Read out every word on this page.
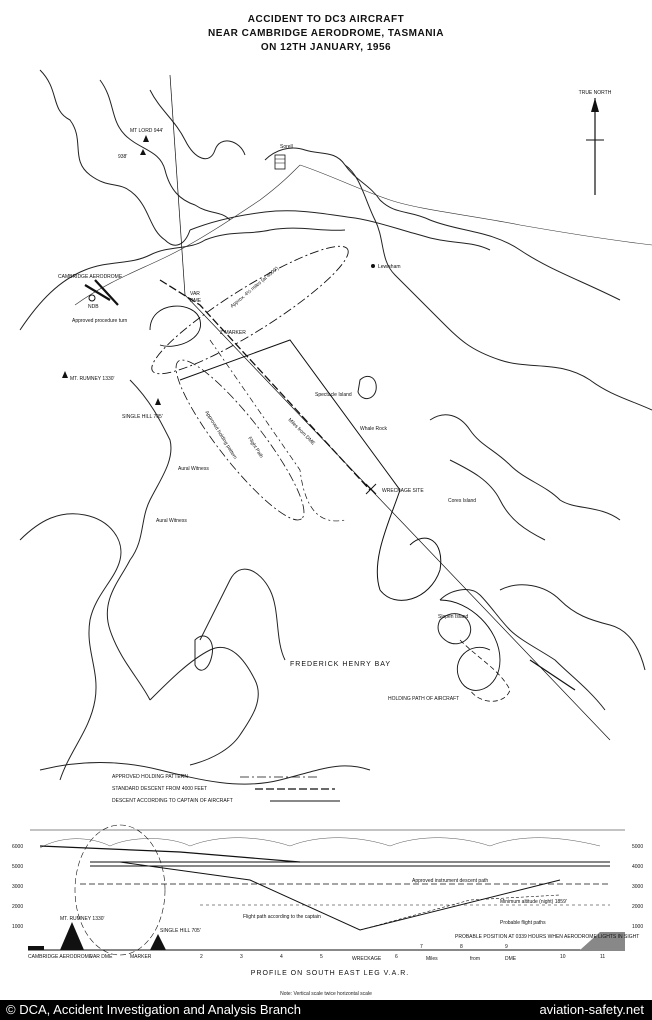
ACCIDENT TO DC3 AIRCRAFT
NEAR CAMBRIDGE AERODROME, TASMANIA
ON 12TH JANUARY, 1956
TRUE NORTH
Sorell
Lewisham
CAMBRIDGE AERODROME
NDB
MT LORD 944'
938'
MT. RUMNEY 1330'
SINGLE HILL 705'
Spectacle Island
Whale Rock
Cores Island
Slopen Island
FREDERICK HENRY BAY
VAR
DME
Z MARKER
WRECKAGE SITE
Aural Witness
Aural Witness
Approved procedure turn
HOLDING PATH OF AIRCRAFT
Flight Path
Miles from DME
Approved holding pattern
Approx. 4½ miles (at 4000')
APPROVED HOLDING PATTERN
STANDARD DESCENT FROM 4000 FEET
DESCENT ACCORDING TO CAPTAIN OF AIRCRAFT
PROFILE ON SOUTH EAST LEG V.A.R.
Approved instrument descent path
Minimum altitude (night) 1859'
Flight path according to the captain
Probable flight paths
PROBABLE POSITION AT 0339 HOURS WHEN AERODROME LIGHTS IN SIGHT
Miles	from	DME
WRECKAGE
MT. RUMNEY 1330'
SINGLE HILL 705'
CAMBRIDGE AERODROME	MARKER
VAR DME
6000
5000
3000
2000
1000
5000
4000
3000
2000
1000
2	3	4	5	6
7	8	9
10	11
Note: Vertical scale twice horizontal scale
© DCA, Accident Investigation and Analysis Branch	aviation-safety.net
